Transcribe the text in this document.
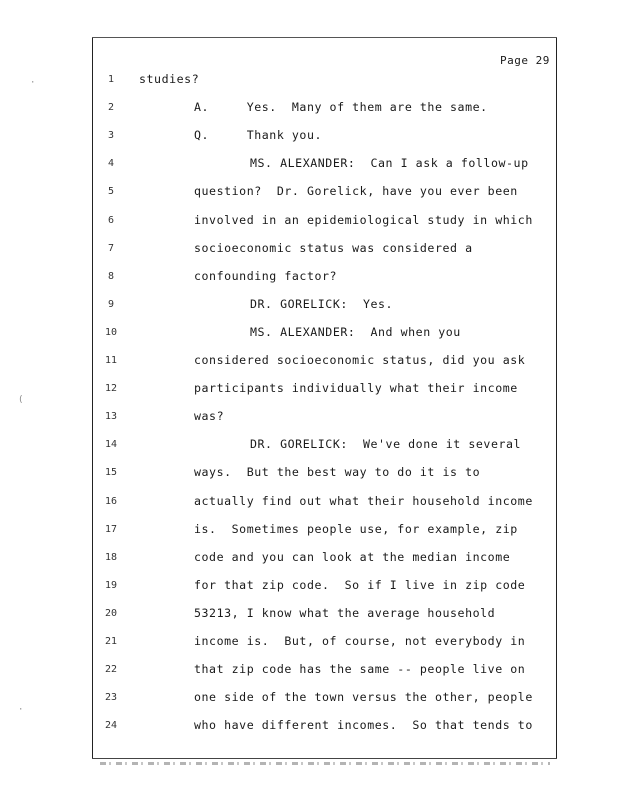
Page 29
1	studies?
2	A.     Yes.  Many of them are the same.
3	Q.     Thank you.
4	MS. ALEXANDER:  Can I ask a follow-up
5	question?  Dr. Gorelick, have you ever been
6	involved in an epidemiological study in which
7	socioeconomic status was considered a
8	confounding factor?
9	DR. GORELICK:  Yes.
10	MS. ALEXANDER:  And when you
11	considered socioeconomic status, did you ask
12	participants individually what their income
13	was?
14	DR. GORELICK:  We've done it several
15	ways.  But the best way to do it is to
16	actually find out what their household income
17	is.  Sometimes people use, for example, zip
18	code and you can look at the median income
19	for that zip code.  So if I live in zip code
20	53213, I know what the average household
21	income is.  But, of course, not everybody in
22	that zip code has the same -- people live on
23	one side of the town versus the other, people
24	who have different incomes.  So that tends to
(
·
·
